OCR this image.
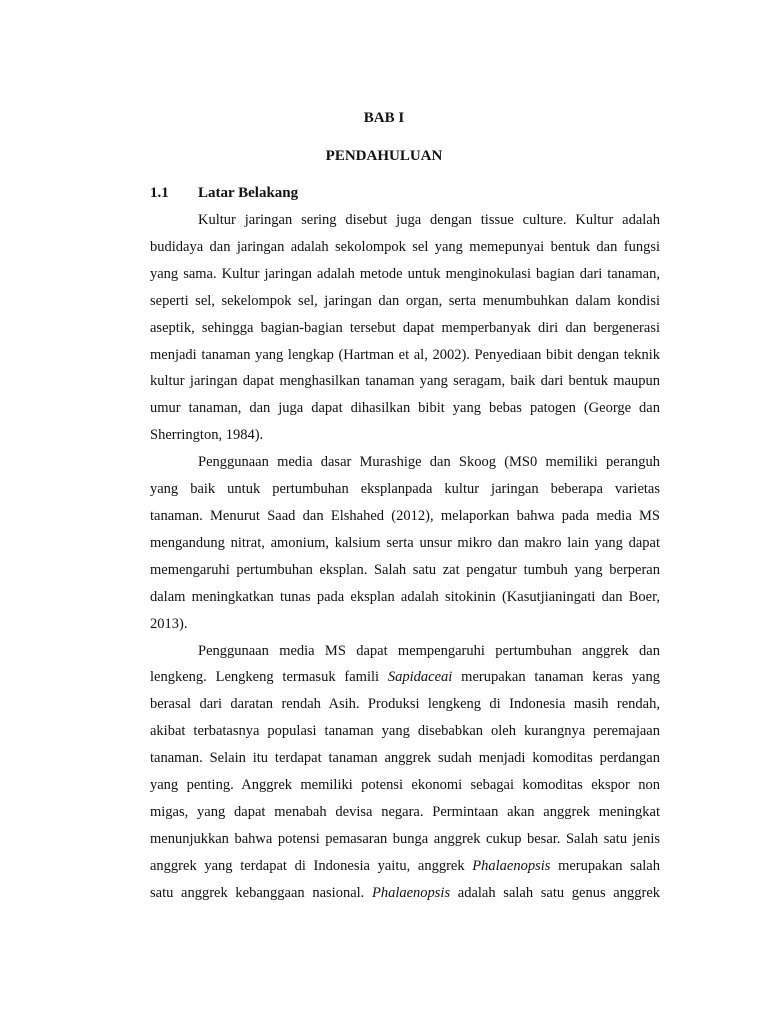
BAB I

PENDAHULUAN

1.1	Latar Belakang

Kultur jaringan sering disebut juga dengan tissue culture. Kultur adalah
budidaya dan jaringan adalah sekolompok sel yang memepunyai bentuk dan fungsi
yang sama. Kultur jaringan adalah metode untuk menginokulasi bagian dari tanaman,
seperti sel, sekelompok sel, jaringan dan organ, serta menumbuhkan dalam kondisi
aseptik, sehingga bagian-bagian tersebut dapat memperbanyak diri dan bergenerasi
menjadi tanaman yang lengkap (Hartman et al, 2002). Penyediaan bibit dengan teknik
kultur jaringan dapat menghasilkan tanaman yang seragam, baik dari bentuk maupun
umur tanaman, dan juga dapat dihasilkan bibit yang bebas patogen (George dan
Sherrington, 1984).

Penggunaan media dasar Murashige dan Skoog (MS0 memiliki peranguh
yang baik untuk pertumbuhan eksplanpada kultur jaringan beberapa varietas
tanaman. Menurut Saad dan Elshahed (2012), melaporkan bahwa pada media MS
mengandung nitrat, amonium, kalsium serta unsur mikro dan makro lain yang dapat
memengaruhi pertumbuhan eksplan. Salah satu zat pengatur tumbuh yang berperan
dalam meningkatkan tunas pada eksplan adalah sitokinin (Kasutjianingati dan Boer,
2013).

Penggunaan media MS dapat mempengaruhi pertumbuhan anggrek dan
lengkeng. Lengkeng termasuk famili Sapidaceai merupakan tanaman keras yang
berasal dari daratan rendah Asih. Produksi lengkeng di Indonesia masih rendah,
akibat terbatasnya populasi tanaman yang disebabkan oleh kurangnya peremajaan
tanaman. Selain itu terdapat tanaman anggrek sudah menjadi komoditas perdangan
yang penting. Anggrek memiliki potensi ekonomi sebagai komoditas ekspor non
migas, yang dapat menabah devisa negara. Permintaan akan anggrek meningkat
menunjukkan bahwa potensi pemasaran bunga anggrek cukup besar. Salah satu jenis
anggrek yang terdapat di Indonesia yaitu, anggrek Phalaenopsis merupakan salah
satu anggrek kebanggaan nasional. Phalaenopsis adalah salah satu genus anggrek
